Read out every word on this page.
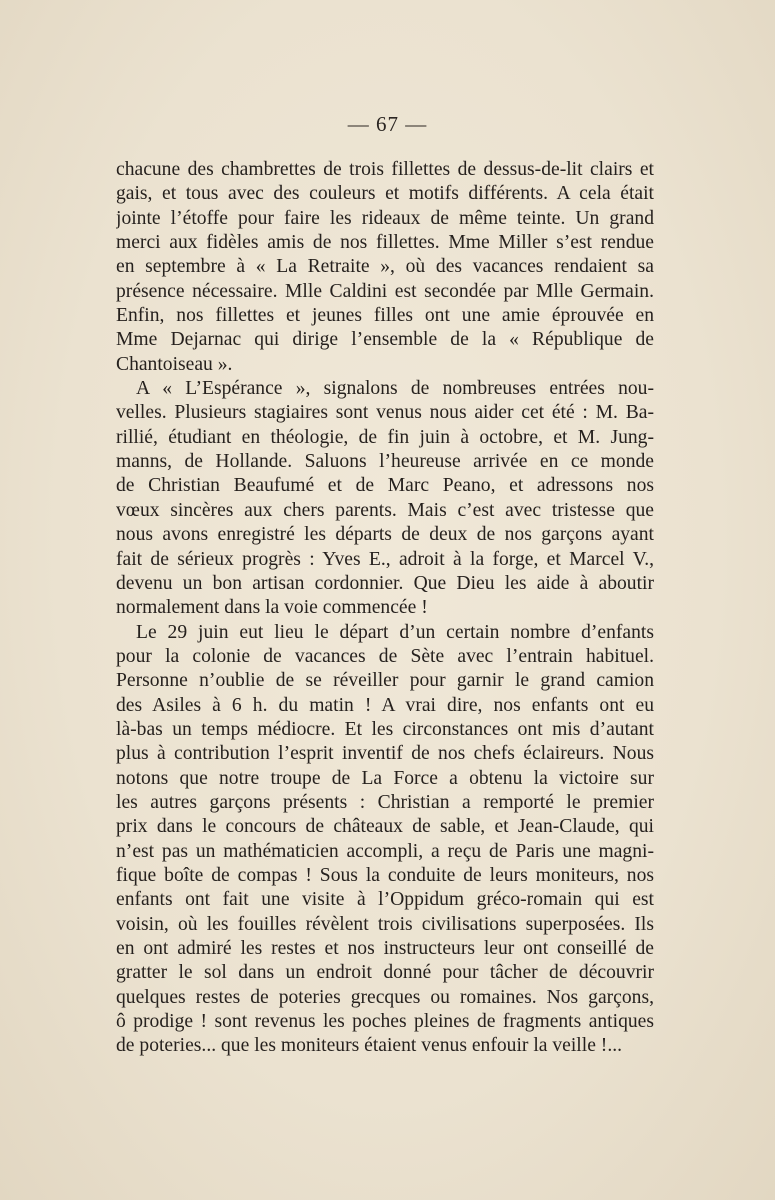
— 67 —
chacune des chambrettes de trois fillettes de dessus-de-lit clairs et
gais, et tous avec des couleurs et motifs différents. A cela était
jointe l’étoffe pour faire les rideaux de même teinte. Un grand
merci aux fidèles amis de nos fillettes. Mme Miller s’est rendue
en septembre à « La Retraite », où des vacances rendaient sa
présence nécessaire. Mlle Caldini est secondée par Mlle Germain.
Enfin, nos fillettes et jeunes filles ont une amie éprouvée en
Mme Dejarnac qui dirige l’ensemble de la « République de
Chantoiseau ».
A « L’Espérance », signalons de nombreuses entrées nou-
velles. Plusieurs stagiaires sont venus nous aider cet été : M. Ba-
rillié, étudiant en théologie, de fin juin à octobre, et M. Jung-
manns, de Hollande. Saluons l’heureuse arrivée en ce monde
de Christian Beaufumé et de Marc Peano, et adressons nos
vœux sincères aux chers parents. Mais c’est avec tristesse que
nous avons enregistré les départs de deux de nos garçons ayant
fait de sérieux progrès : Yves E., adroit à la forge, et Marcel V.,
devenu un bon artisan cordonnier. Que Dieu les aide à aboutir
normalement dans la voie commencée !
Le 29 juin eut lieu le départ d’un certain nombre d’enfants
pour la colonie de vacances de Sète avec l’entrain habituel.
Personne n’oublie de se réveiller pour garnir le grand camion
des Asiles à 6 h. du matin ! A vrai dire, nos enfants ont eu
là-bas un temps médiocre. Et les circonstances ont mis d’autant
plus à contribution l’esprit inventif de nos chefs éclaireurs. Nous
notons que notre troupe de La Force a obtenu la victoire sur
les autres garçons présents : Christian a remporté le premier
prix dans le concours de châteaux de sable, et Jean-Claude, qui
n’est pas un mathématicien accompli, a reçu de Paris une magni-
fique boîte de compas ! Sous la conduite de leurs moniteurs, nos
enfants ont fait une visite à l’Oppidum gréco-romain qui est
voisin, où les fouilles révèlent trois civilisations superposées. Ils
en ont admiré les restes et nos instructeurs leur ont conseillé de
gratter le sol dans un endroit donné pour tâcher de découvrir
quelques restes de poteries grecques ou romaines. Nos garçons,
ô prodige ! sont revenus les poches pleines de fragments antiques
de poteries... que les moniteurs étaient venus enfouir la veille !...
